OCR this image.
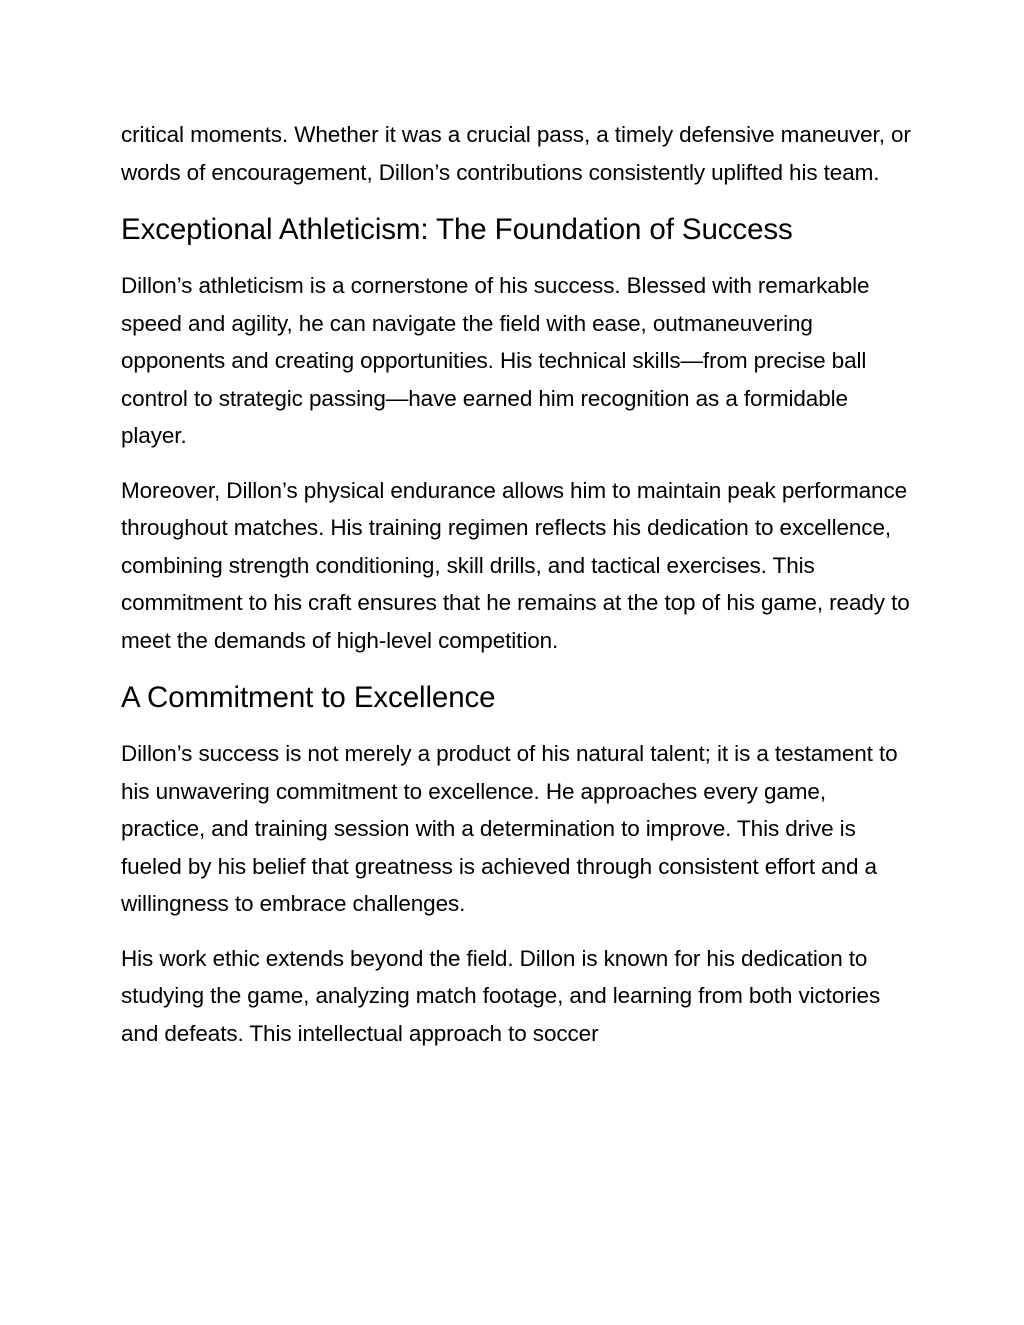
critical moments. Whether it was a crucial pass, a timely defensive maneuver, or words of encouragement, Dillon’s contributions consistently uplifted his team.

Exceptional Athleticism: The Foundation of Success

Dillon’s athleticism is a cornerstone of his success. Blessed with remarkable speed and agility, he can navigate the field with ease, outmaneuvering opponents and creating opportunities. His technical skills—from precise ball control to strategic passing—have earned him recognition as a formidable player.

Moreover, Dillon’s physical endurance allows him to maintain peak performance throughout matches. His training regimen reflects his dedication to excellence, combining strength conditioning, skill drills, and tactical exercises. This commitment to his craft ensures that he remains at the top of his game, ready to meet the demands of high-level competition.

A Commitment to Excellence

Dillon’s success is not merely a product of his natural talent; it is a testament to his unwavering commitment to excellence. He approaches every game, practice, and training session with a determination to improve. This drive is fueled by his belief that greatness is achieved through consistent effort and a willingness to embrace challenges.

His work ethic extends beyond the field. Dillon is known for his dedication to studying the game, analyzing match footage, and learning from both victories and defeats. This intellectual approach to soccer
